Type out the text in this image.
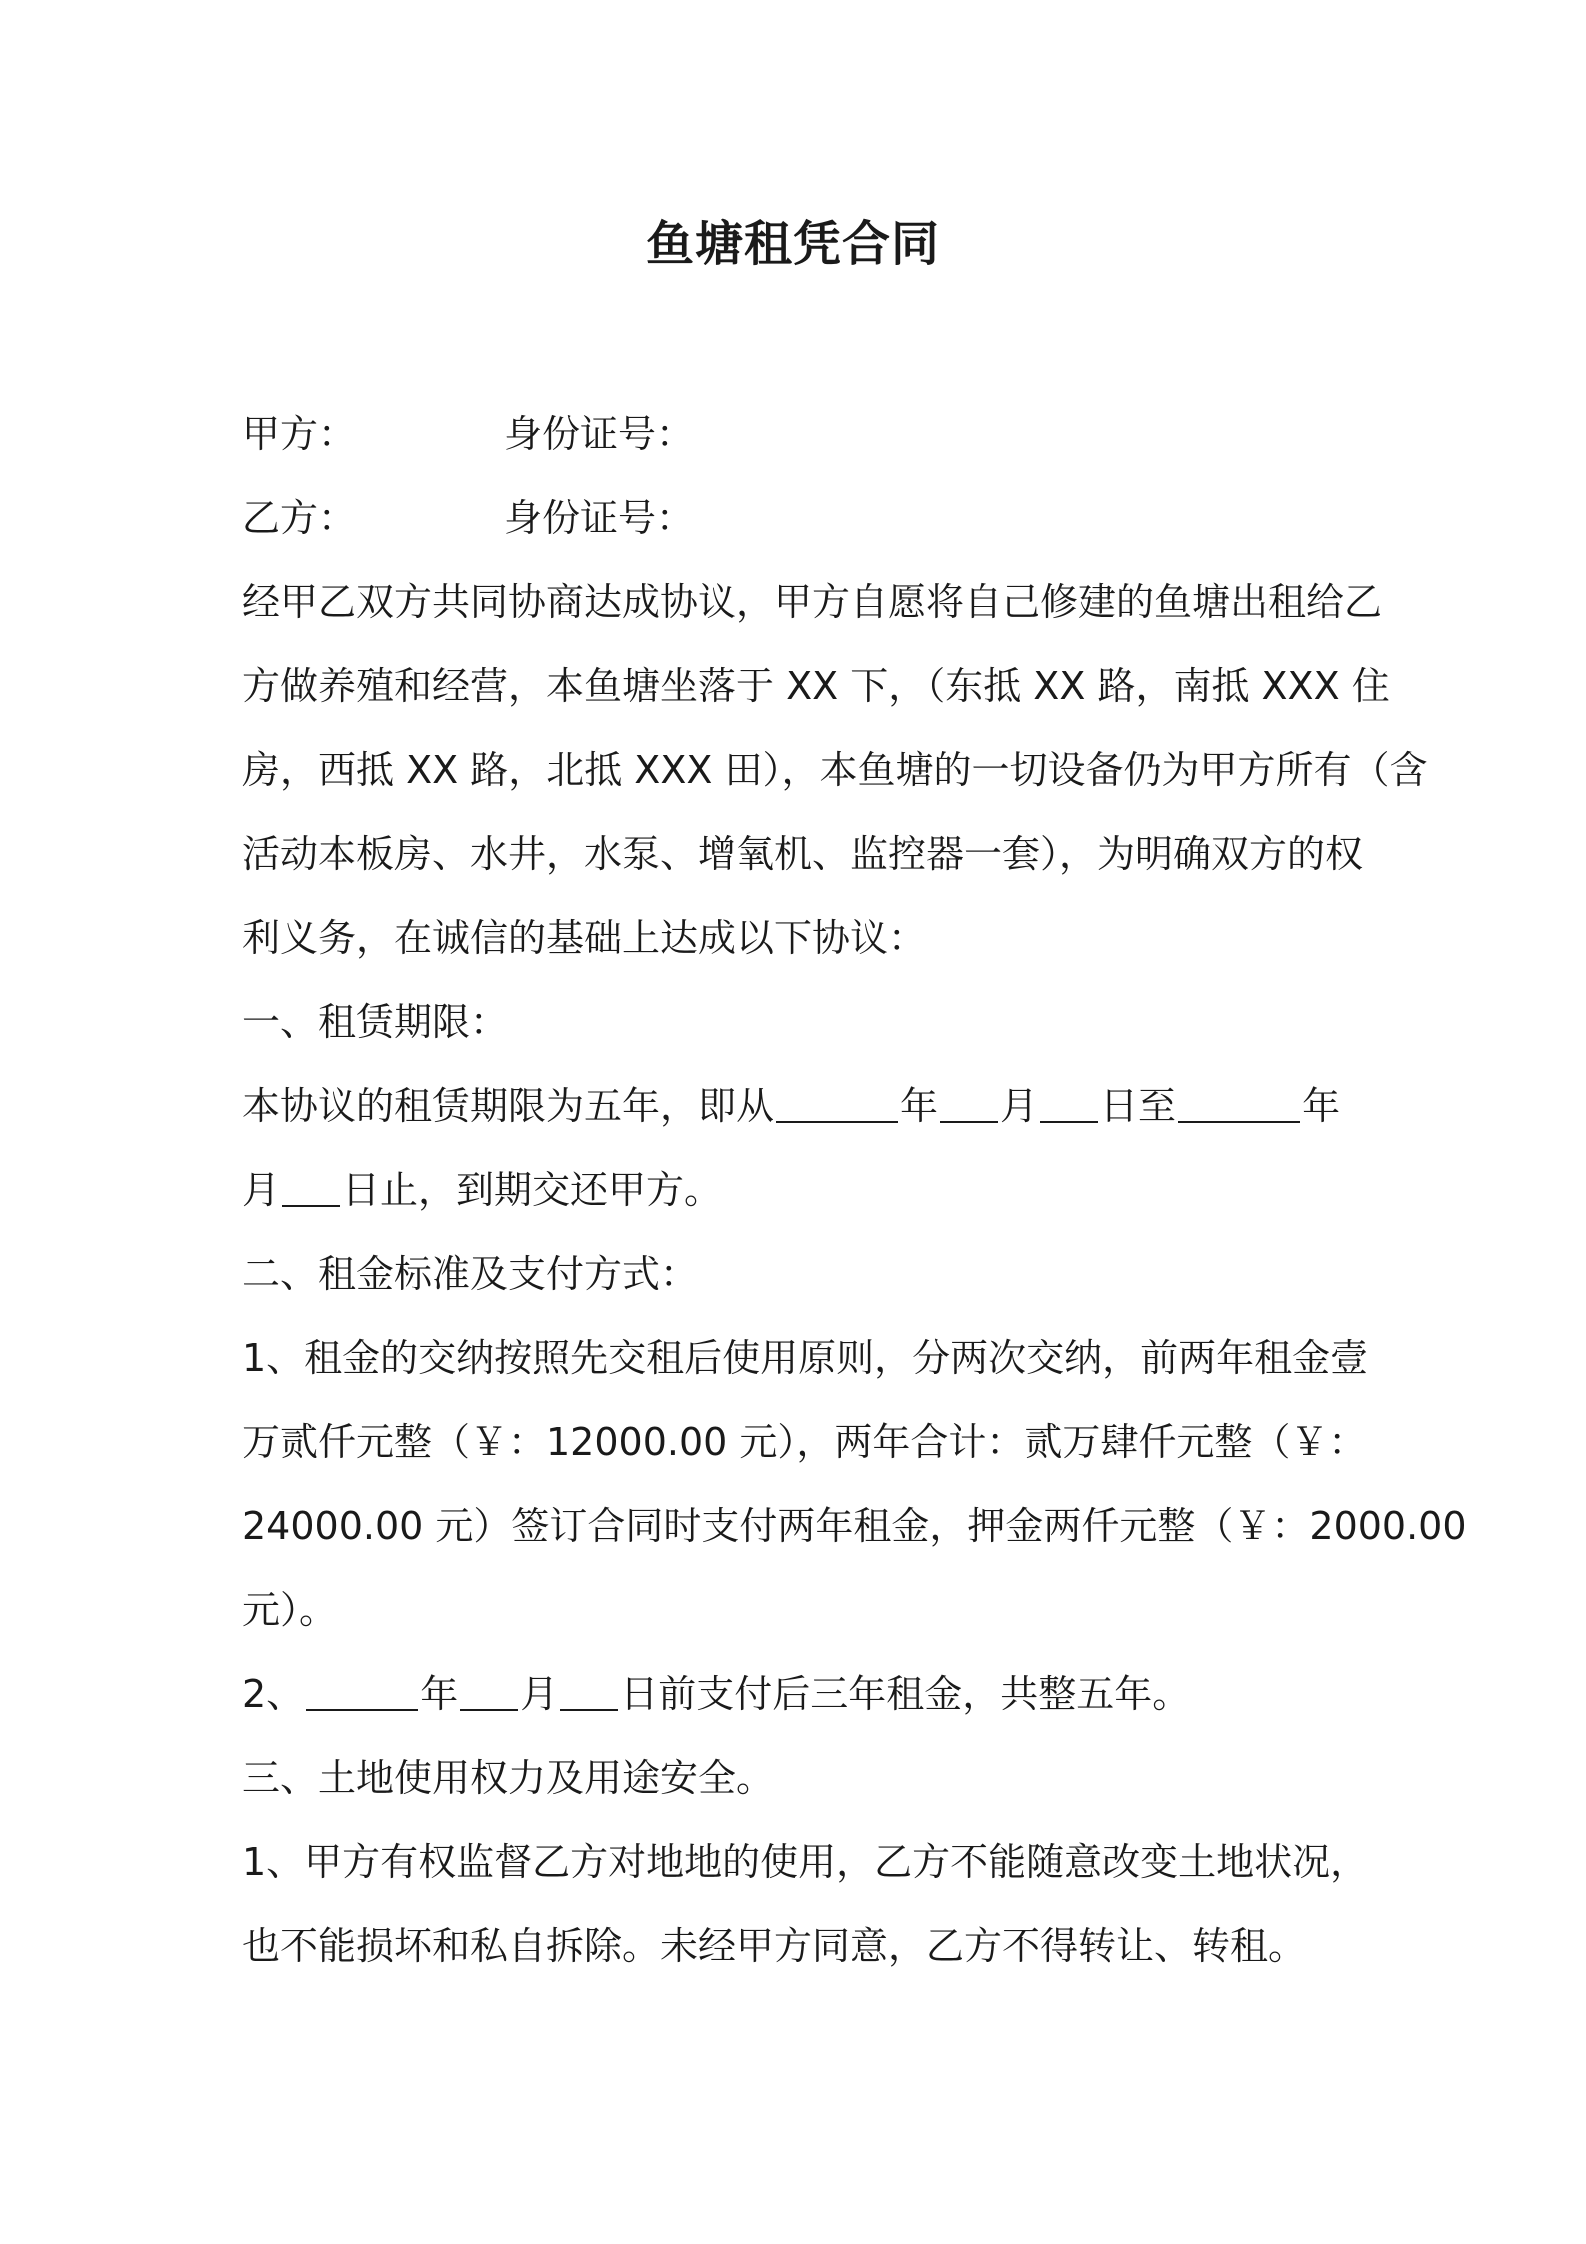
鱼塘租凭合同
甲方：	身份证号：
乙方：	身份证号：
经甲乙双方共同协商达成协议，甲方自愿将自己修建的鱼塘出租给乙
方做养殖和经营，本鱼塘坐落于 XX 下，（东抵 XX 路，南抵 XXX 住
房，西抵 XX 路，北抵 XXX 田），本鱼塘的一切设备仍为甲方所有（含
活动本板房、水井，水泵、增氧机、监控器一套），为明确双方的权
利义务，在诚信的基础上达成以下协议：
一、租赁期限：
本协议的租赁期限为五年，即从	年 月 日至	年
月 日止，到期交还甲方。
二、租金标准及支付方式：
1、租金的交纳按照先交租后使用原则，分两次交纳，前两年租金壹
万贰仟元整（￥：12000.00 元），两年合计：贰万肆仟元整（￥：
24000.00 元）签订合同时支付两年租金，押金两仟元整（￥：2000.00
元）。
2、	年 月 日前支付后三年租金，共整五年。
三、土地使用权力及用途安全。
1、甲方有权监督乙方对地地的使用，乙方不能随意改变土地状况，
也不能损坏和私自拆除。未经甲方同意，乙方不得转让、转租。
